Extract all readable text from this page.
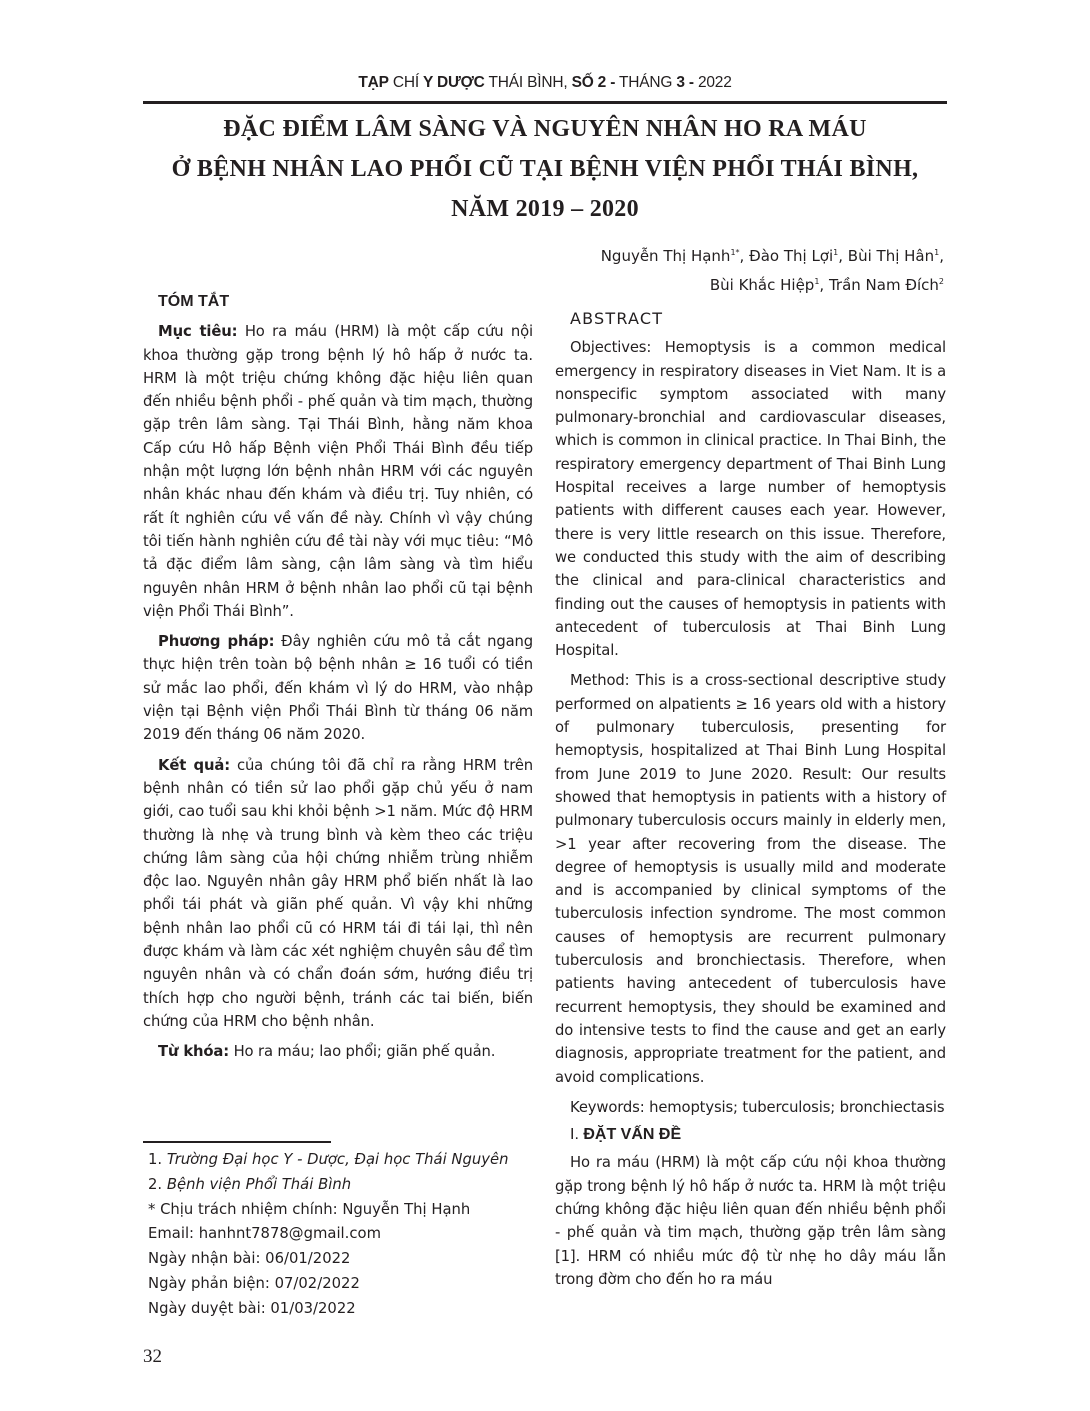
TẠP CHÍ Y DƯỢC THÁI BÌNH, SỐ 2 - THÁNG 3 - 2022
ĐẶC ĐIỂM LÂM SÀNG VÀ NGUYÊN NHÂN HO RA MÁU
Ở BỆNH NHÂN LAO PHỔI CŨ TẠI BỆNH VIỆN PHỔI THÁI BÌNH,
NĂM 2019 – 2020
Nguyễn Thị Hạnh$^{1*}$, Đào Thị Lợi$^1$, Bùi Thị Hân$^1$,
Bùi Khắc Hiệp$^1$, Trần Nam Đích$^2$
TÓM TẮT

Mục tiêu: Ho ra máu (HRM) là một cấp cứu nội khoa thường gặp trong bệnh lý hô hấp ở nước ta. HRM là một triệu chứng không đặc hiệu liên quan đến nhiều bệnh phổi - phế quản và tim mạch, thường gặp trên lâm sàng. Tại Thái Bình, hằng năm khoa Cấp cứu Hô hấp Bệnh viện Phổi Thái Bình đều tiếp nhận một lượng lớn bệnh nhân HRM với các nguyên nhân khác nhau đến khám và điều trị. Tuy nhiên, có rất ít nghiên cứu về vấn đề này. Chính vì vậy chúng tôi tiến hành nghiên cứu đề tài này với mục tiêu: “Mô tả đặc điểm lâm sàng, cận lâm sàng và tìm hiểu nguyên nhân HRM ở bệnh nhân lao phổi cũ tại bệnh viện Phổi Thái Bình”.

Phương pháp: Đây nghiên cứu mô tả cắt ngang thực hiện trên toàn bộ bệnh nhân ≥ 16 tuổi có tiền sử mắc lao phổi, đến khám vì lý do HRM, vào nhập viện tại Bệnh viện Phổi Thái Bình từ tháng 06 năm 2019 đến tháng 06 năm 2020.

Kết quả: của chúng tôi đã chỉ ra rằng HRM trên bệnh nhân có tiền sử lao phổi gặp chủ yếu ở nam giới, cao tuổi sau khi khỏi bệnh >1 năm. Mức độ HRM thường là nhẹ và trung bình và kèm theo các triệu chứng lâm sàng của hội chứng nhiễm trùng nhiễm độc lao. Nguyên nhân gây HRM phổ biến nhất là lao phổi tái phát và giãn phế quản. Vì vậy khi những bệnh nhân lao phổi cũ có HRM tái đi tái lại, thì nên được khám và làm các xét nghiệm chuyên sâu để tìm nguyên nhân và có chẩn đoán sớm, hướng điều trị thích hợp cho người bệnh, tránh các tai biến, biến chứng của HRM cho bệnh nhân.

Từ khóa: Ho ra máu; lao phổi; giãn phế quản.

1. Trường Đại học Y - Dược, Đại học Thái Nguyên
2. Bệnh viện Phổi Thái Bình
* Chịu trách nhiệm chính: Nguyễn Thị Hạnh
Email: hanhnt7878@gmail.com
Ngày nhận bài: 06/01/2022
Ngày phản biện: 07/02/2022
Ngày duyệt bài: 01/03/2022
ABSTRACT

Objectives: Hemoptysis is a common medical emergency in respiratory diseases in Viet Nam. It is a nonspecific symptom associated with many pulmonary-bronchial and cardiovascular diseases, which is common in clinical practice. In Thai Binh, the respiratory emergency department of Thai Binh Lung Hospital receives a large number of hemoptysis patients with different causes each year. However, there is very little research on this issue. Therefore, we conducted this study with the aim of describing the clinical and para-clinical characteristics and finding out the causes of hemoptysis in patients with antecedent of tuberculosis at Thai Binh Lung Hospital.

Method: This is a cross-sectional descriptive study performed on alpatients ≥ 16 years old with a history of pulmonary tuberculosis, presenting for hemoptysis, hospitalized at Thai Binh Lung Hospital from June 2019 to June 2020. Result: Our results showed that hemoptysis in patients with a history of pulmonary tuberculosis occurs mainly in elderly men, >1 year after recovering from the disease. The degree of hemoptysis is usually mild and moderate and is accompanied by clinical symptoms of the tuberculosis infection syndrome. The most common causes of hemoptysis are recurrent pulmonary tuberculosis and bronchiectasis. Therefore, when patients having antecedent of tuberculosis have recurrent hemoptysis, they should be examined and do intensive tests to find the cause and get an early diagnosis, appropriate treatment for the patient, and avoid complications.

Keywords: hemoptysis; tuberculosis; bronchiectasis

I. ĐẶT VẤN ĐỀ

Ho ra máu (HRM) là một cấp cứu nội khoa thường gặp trong bệnh lý hô hấp ở nước ta. HRM là một triệu chứng không đặc hiệu liên quan đến nhiều bệnh phổi - phế quản và tim mạch, thường gặp trên lâm sàng [1]. HRM có nhiều mức độ từ nhẹ ho dây máu lẫn trong đờm cho đến ho ra máu

32
